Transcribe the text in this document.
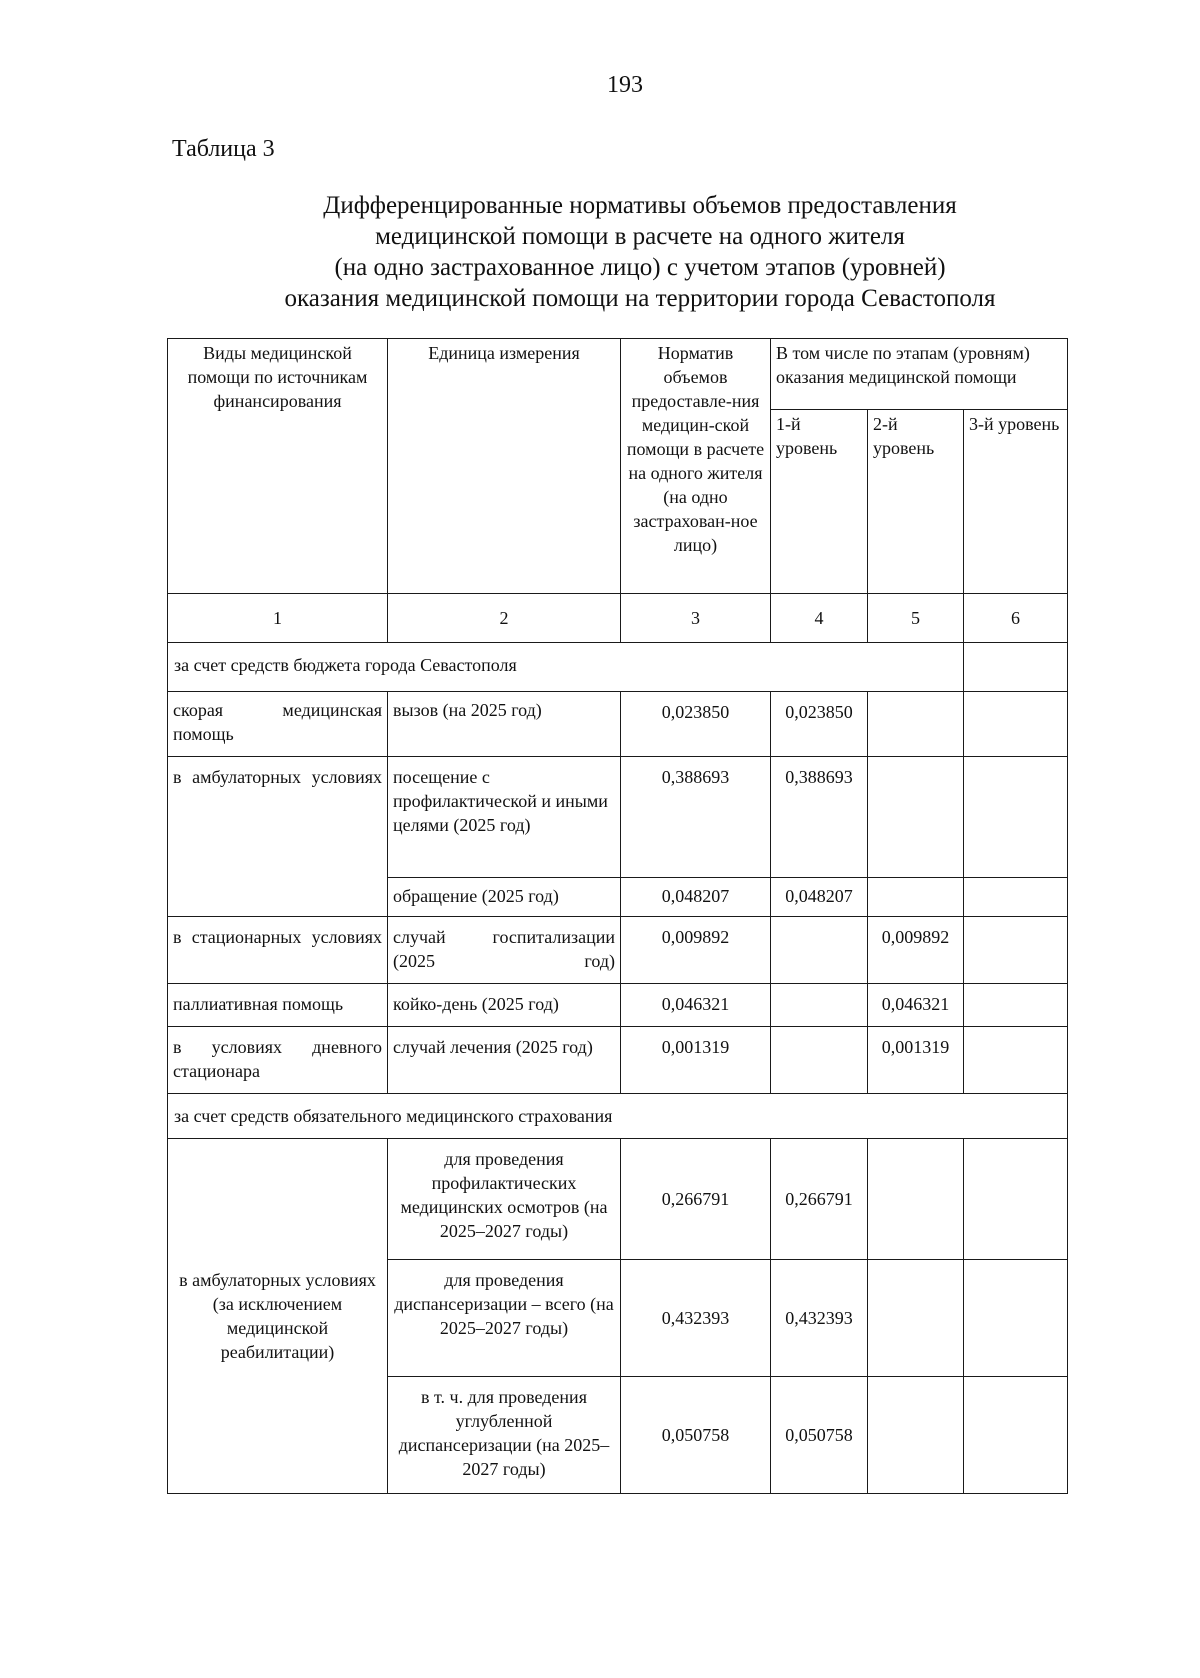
193
Таблица 3
Дифференцированные нормативы объемов предоставления
медицинской помощи в расчете на одного жителя
(на одно застрахованное лицо) с учетом этапов (уровней)
оказания медицинской помощи на территории города Севастополя
Виды медицинской помощи по источникам финансирования	Единица измерения	Норматив объемов предоставле-ния медицин-ской помощи в расчете на одного жителя (на одно застрахован-ное лицо)	В том числе по этапам (уровням) оказания медицинской помощи		
			1-й уровень	2-й уровень	3-й уровень
1	2	3	4	5	6
за счет средств бюджета города Севастополя					
скорая медицинская помощь	вызов (на 2025 год)	0,023850	0,023850		
в амбулаторных условиях	посещение с профилактической и иными целями (2025 год)	0,388693	0,388693		
	обращение (2025 год)	0,048207	0,048207		
в стационарных условиях	случай госпитализации (2025 год)	0,009892		0,009892	
паллиативная помощь	койко-день (2025 год)	0,046321		0,046321	
в условиях дневного стационара	случай лечения (2025 год)	0,001319		0,001319	
за счет средств обязательного медицинского страхования					
в амбулаторных условиях (за исключением медицинской реабилитации)	для проведения профилактических медицинских осмотров (на 2025–2027 годы)	0,266791	0,266791		
	для проведения диспансеризации – всего (на 2025–2027 годы)	0,432393	0,432393		
	в т. ч. для проведения углубленной диспансеризации (на 2025–2027 годы)	0,050758	0,050758		
